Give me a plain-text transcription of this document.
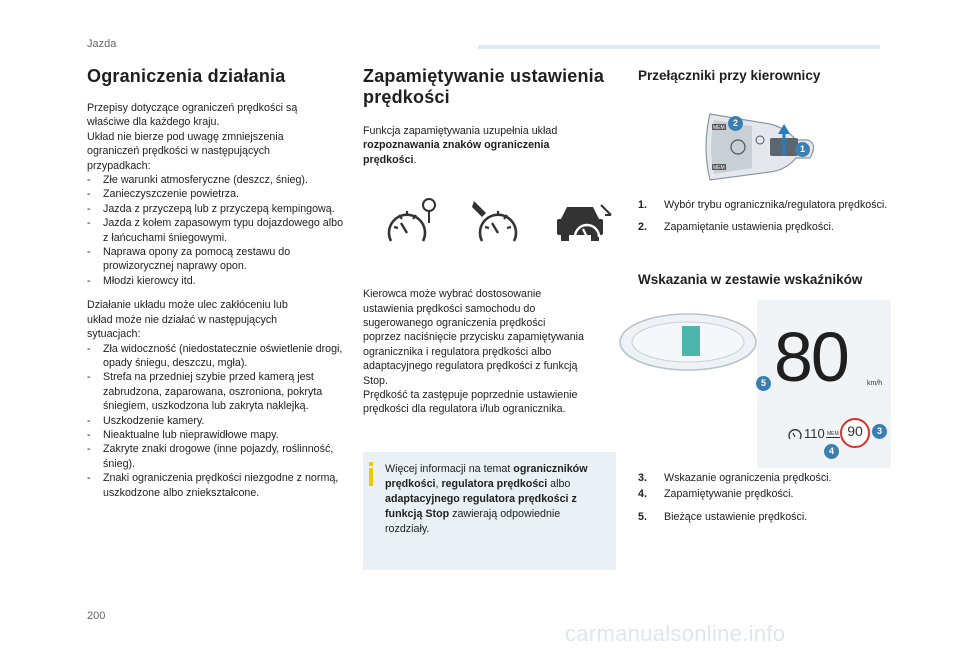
Jazda
Ograniczenia działania

Przepisy dotyczące ograniczeń prędkości są

właściwe dla każdego kraju.

Układ nie bierze pod uwagę zmniejszenia

ograniczeń prędkości w następujących

przypadkach:

- Złe warunki atmosferyczne (deszcz, śnieg).
- Zanieczyszczenie powietrza.
- Jazda z przyczepą lub z przyczepą kempingową.
- Jazda z kołem zapasowym typu dojazdowego albo z łańcuchami śniegowymi.
- Naprawa opony za pomocą zestawu do prowizorycznej naprawy opon.
- Młodzi kierowcy itd.

Działanie układu może ulec zakłóceniu lub

układ może nie działać w następujących

sytuacjach:

- Zła widoczność (niedostatecznie oświetlenie drogi, opady śniegu, deszczu, mgła).
- Strefa na przedniej szybie przed kamerą jest zabrudzona, zaparowana, oszroniona, pokryta śniegiem, uszkodzona lub zakryta naklejką.
- Uszkodzenie kamery.
- Nieaktualne lub nieprawidłowe mapy.
- Zakryte znaki drogowe (inne pojazdy, roślinność, śnieg).
- Znaki ograniczenia prędkości niezgodne z normą, uszkodzone albo zniekształcone.
Zapamiętywanie ustawienia
prędkości

Funkcja zapamiętywania uzupełnia układ
rozpoznawania znaków ograniczenia
prędkości.

Kierowca może wybrać dostosowanie

ustawienia prędkości samochodu do

sugerowanego ograniczenia prędkości

poprzez naciśnięcie przycisku zapamiętywania

ogranicznika i regulatora prędkości albo

adaptacyjnego regulatora prędkości z funkcją

Stop.

Prędkość ta zastępuje poprzednie ustawienie

prędkości dla regulatora i/lub ogranicznika.

Więcej informacji na temat ograniczników prędkości, regulatora prędkości albo adaptacyjnego regulatora prędkości z funkcją Stop zawierają odpowiednie rozdziały.
Przełączniki przy kierownicy
MEM
MEM
2
1
1.	Wybór trybu ogranicznika/regulatora prędkości.
2.	Zapamiętanie ustawienia prędkości.
Wskazania w zestawie wskaźników
80	km/h
110 MEM 90
5
3
4
3.	Wskazanie ograniczenia prędkości.
4.	Zapamiętywanie prędkości.
5.	Bieżące ustawienie prędkości.
200
carmanualsonline.info
